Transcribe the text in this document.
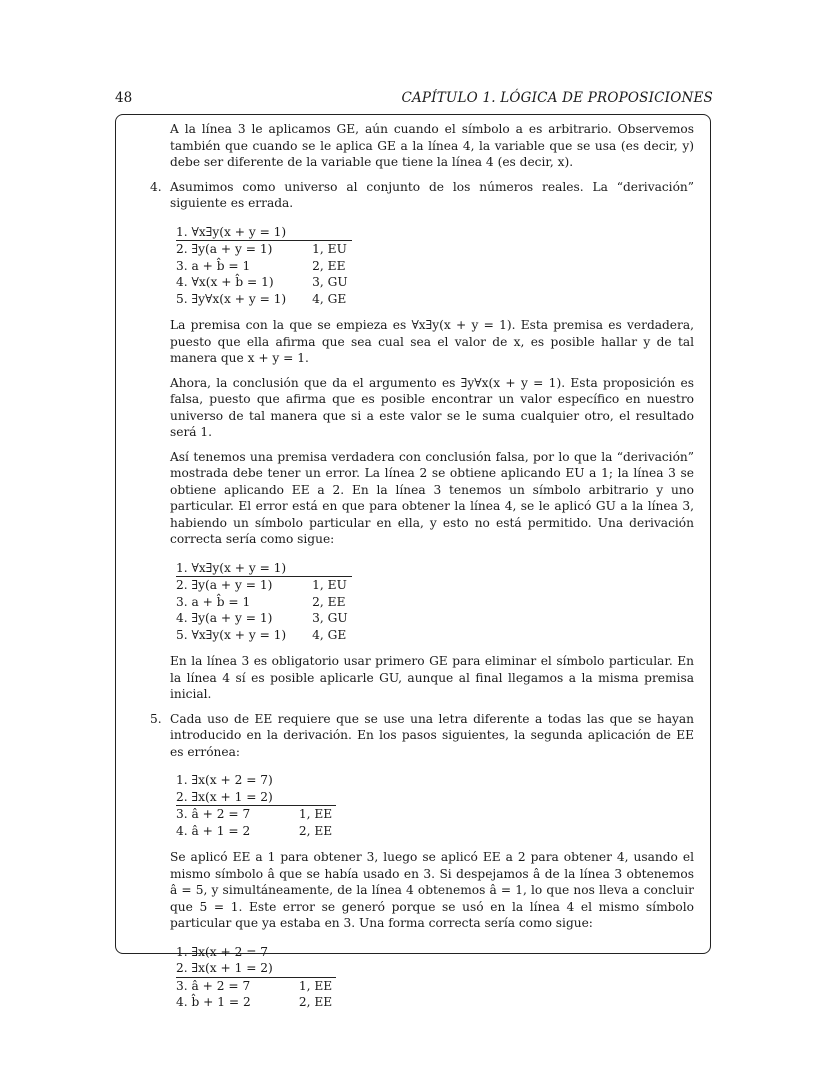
48	CAPÍTULO 1. LÓGICA DE PROPOSICIONES

A la línea 3 le aplicamos GE, aún cuando el símbolo a es arbitrario. Observemos también que cuando se le aplica GE a la línea 4, la variable que se usa (es decir, y) debe ser diferente de la variable que tiene la línea 4 (es decir, x).

4. Asumimos como universo al conjunto de los números reales. La “derivación” siguiente es errada.

1. ∀x∃y(x + y = 1)	
2. ∃y(a + y = 1)	1, EU
3. a + b̂ = 1	2, EE
4. ∀x(x + b̂ = 1)	3, GU
5. ∃y∀x(x + y = 1)	4, GE

La premisa con la que se empieza es ∀x∃y(x + y = 1). Esta premisa es verdadera, puesto que ella afirma que sea cual sea el valor de x, es posible hallar y de tal manera que x + y = 1.

Ahora, la conclusión que da el argumento es ∃y∀x(x + y = 1). Esta proposición es falsa, puesto que afirma que es posible encontrar un valor específico en nuestro universo de tal manera que si a este valor se le suma cualquier otro, el resultado será 1.

Así tenemos una premisa verdadera con conclusión falsa, por lo que la “derivación” mostrada debe tener un error. La línea 2 se obtiene aplicando EU a 1; la línea 3 se obtiene aplicando EE a 2. En la línea 3 tenemos un símbolo arbitrario y uno particular. El error está en que para obtener la línea 4, se le aplicó GU a la línea 3, habiendo un símbolo particular en ella, y esto no está permitido. Una derivación correcta sería como sigue:

1. ∀x∃y(x + y = 1)	
2. ∃y(a + y = 1)	1, EU
3. a + b̂ = 1	2, EE
4. ∃y(a + y = 1)	3, GU
5. ∀x∃y(x + y = 1)	4, GE

En la línea 3 es obligatorio usar primero GE para eliminar el símbolo particular. En la línea 4 sí es posible aplicarle GU, aunque al final llegamos a la misma premisa inicial.

5. Cada uso de EE requiere que se use una letra diferente a todas las que se hayan introducido en la derivación. En los pasos siguientes, la segunda aplicación de EE es errónea:

1. ∃x(x + 2 = 7)	
2. ∃x(x + 1 = 2)	
3. â + 2 = 7	1, EE
4. â + 1 = 2	2, EE

Se aplicó EE a 1 para obtener 3, luego se aplicó EE a 2 para obtener 4, usando el mismo símbolo â que se había usado en 3. Si despejamos â de la línea 3 obtenemos â = 5, y simultáneamente, de la línea 4 obtenemos â = 1, lo que nos lleva a concluir que 5 = 1. Este error se generó porque se usó en la línea 4 el mismo símbolo particular que ya estaba en 3. Una forma correcta sería como sigue:

1. ∃x(x + 2 = 7	
2. ∃x(x + 1 = 2)	
3. â + 2 = 7	1, EE
4. b̂ + 1 = 2	2, EE
